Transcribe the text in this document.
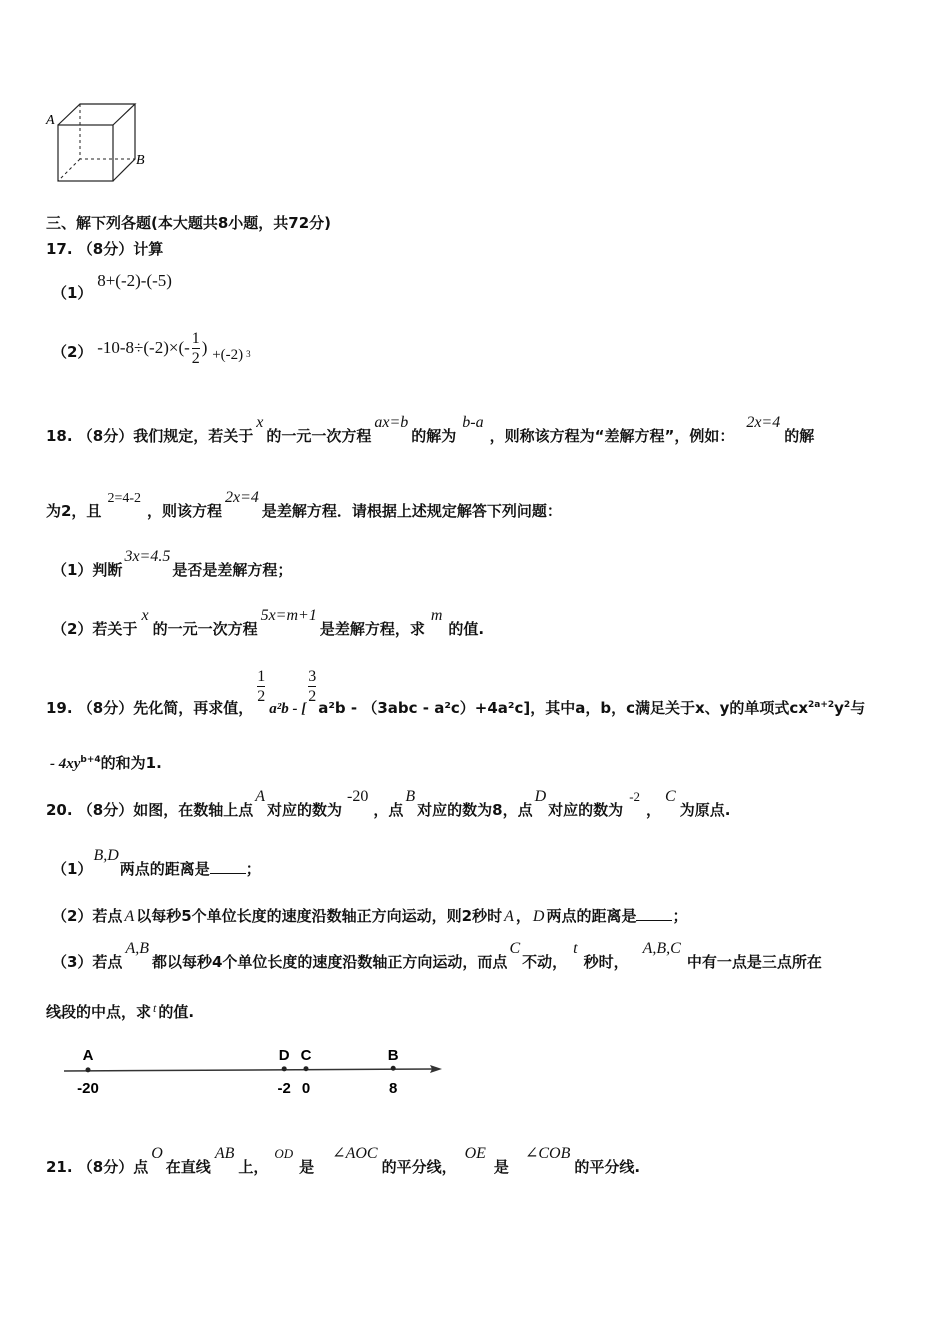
A
B
三、解下列各题(本大题共8小题，共72分)
17. （8分）计算
（1） 8+(-2)-(-5)
（2） $-10-8\div(-2)\times(- \frac{1}{2}$ ) +(-2) $_3$
18. （8分）我们规定，若关于x的一元一次方程ax=b的解为b-a，则称该方程为“差解方程”，例如：2x=4的解
为2，且2=4-2，则该方程2x=4是差解方程．请根据上述规定解答下列问题：
（1）判断3x=4.5是否是差解方程；
（2）若关于x的一元一次方程5x=m+1是差解方程，求m的值.
19. （8分）先化简，再求值，
$\frac{1}{2}$
a²b - [
$\frac{3}{2}$
a²b - （3abc - a²c）+4a²c]，其中a，b，c满足关于x、y的单项式$cx^{2a+2}y^2$与
- $4xy^{b+4}$的和为1.
20. （8分）如图，在数轴上点A对应的数为-20，点B对应的数为8，点D对应的数为-2，C为原点.
（1）B,D两点的距离是 ；
（2）若点 A 以每秒5个单位长度的速度沿数轴正方向运动，则2秒时 A ， D 两点的距离是 ；
（3）若点A,B都以每秒4个单位长度的速度沿数轴正方向运动，而点C不动，t秒时，A,B,C中有一点是三点所在
线段的中点，求 $^t$ 的值.
A
-20
D
-2
C
0
B
8
21. （8分）点O在直线AB上，OD是∠AOC的平分线，OE是∠COB的平分线.
